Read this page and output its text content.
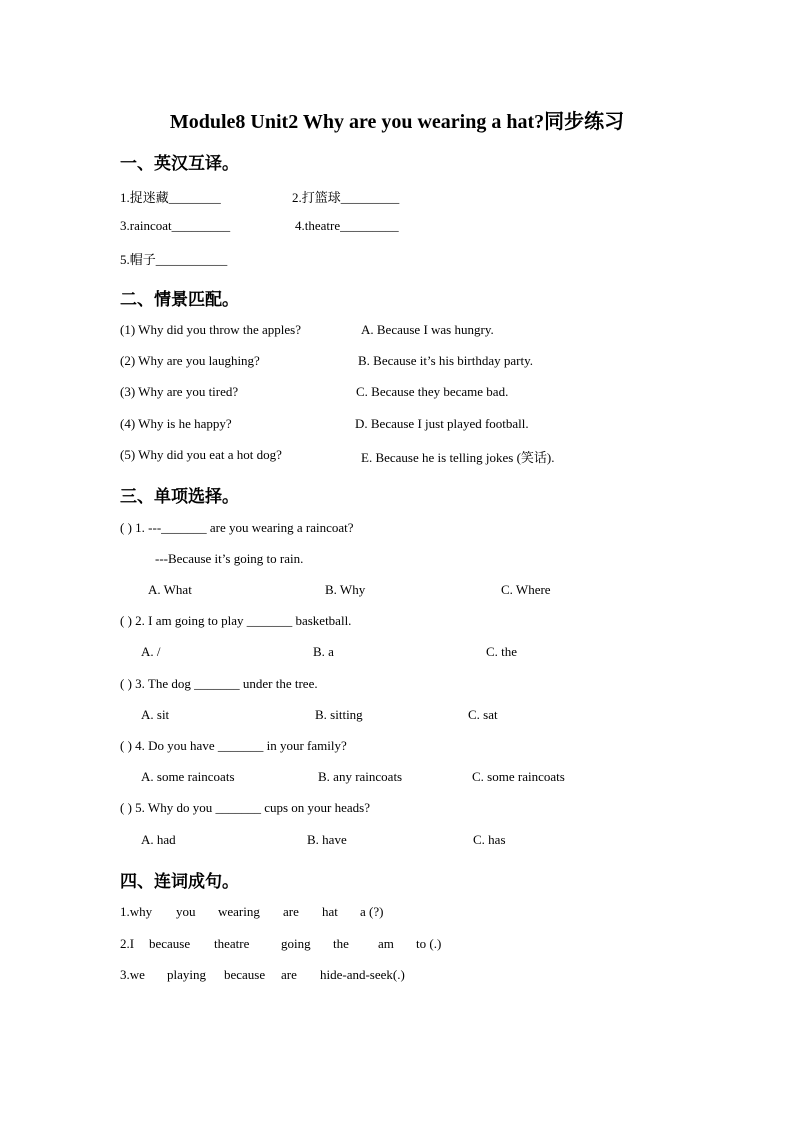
Module8 Unit2 Why are you wearing a hat?同步练习
一、英汉互译。
1.捉迷藏________	2.打篮球_________
3.raincoat_________	4.theatre_________
5.帽子___________
二、情景匹配。
(1) Why did you throw the apples?	A. Because I was hungry.
(2) Why are you laughing?	B. Because it’s his birthday party.
(3) Why are you tired?	C. Because they became bad.
(4) Why is he happy?	D. Because I just played football.
(5) Why did you eat a hot dog?	E. Because he is telling jokes (笑话).
三、单项选择。
( ) 1. ---_______ are you wearing a raincoat?
---Because it’s going to rain.
A. What	B. Why	C. Where
( ) 2. I am going to play _______ basketball.
A. /	B. a	C. the
( ) 3. The dog _______ under the tree.
A. sit	B. sitting	C. sat
( ) 4. Do you have _______ in your family?
A. some raincoats	B. any raincoats	C. some raincoats
( ) 5. Why do you _______ cups on your heads?
A. had	B. have	C. has
四、连词成句。
1.why you wearing are hat a (?)
2.I because theatre going the am to (.)
3.we playing because are hide-and-seek(.)
